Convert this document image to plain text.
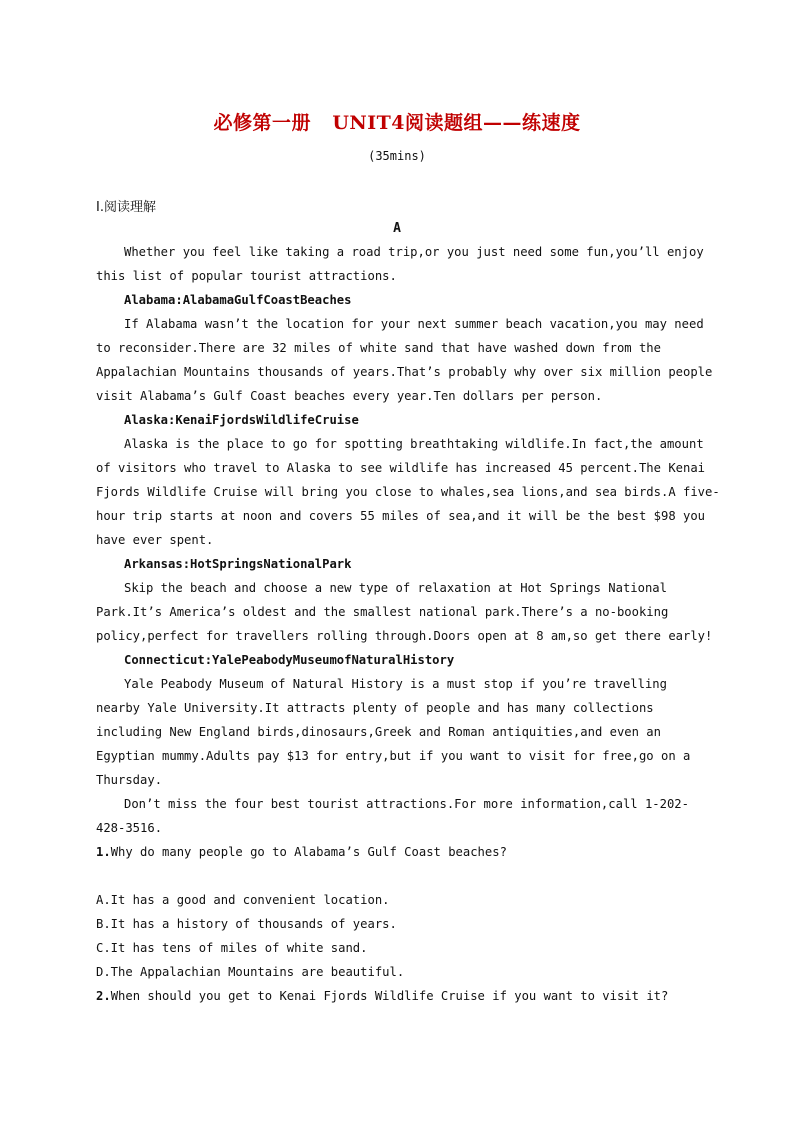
必修第一册   UNIT4阅读题组——练速度
(35mins)
Ⅰ.阅读理解
A
Whether you feel like taking a road trip,or you just need some fun,you’ll enjoy
this list of popular tourist attractions.
Alabama:AlabamaGulfCoastBeaches
If Alabama wasn’t the location for your next summer beach vacation,you may need
to reconsider.There are 32 miles of white sand that have washed down from the
Appalachian Mountains thousands of years.That’s probably why over six million people
visit Alabama’s Gulf Coast beaches every year.Ten dollars per person.
Alaska:KenaiFjordsWildlifeCruise
Alaska is the place to go for spotting breathtaking wildlife.In fact,the amount
of visitors who travel to Alaska to see wildlife has increased 45 percent.The Kenai
Fjords Wildlife Cruise will bring you close to whales,sea lions,and sea birds.A five-
hour trip starts at noon and covers 55 miles of sea,and it will be the best $98 you
have ever spent.
Arkansas:HotSpringsNationalPark
Skip the beach and choose a new type of relaxation at Hot Springs National
Park.It’s America’s oldest and the smallest national park.There’s a no-booking
policy,perfect for travellers rolling through.Doors open at 8 am,so get there early!
Connecticut:YalePeabodyMuseumofNaturalHistory
Yale Peabody Museum of Natural History is a must stop if you’re travelling
nearby Yale University.It attracts plenty of people and has many collections
including New England birds,dinosaurs,Greek and Roman antiquities,and even an
Egyptian mummy.Adults pay $13 for entry,but if you want to visit for free,go on a
Thursday.
Don’t miss the four best tourist attractions.For more information,call 1-202-
428-3516.
1.Why do many people go to Alabama’s Gulf Coast beaches?
A.It has a good and convenient location.
B.It has a history of thousands of years.
C.It has tens of miles of white sand.
D.The Appalachian Mountains are beautiful.
2.When should you get to Kenai Fjords Wildlife Cruise if you want to visit it?
